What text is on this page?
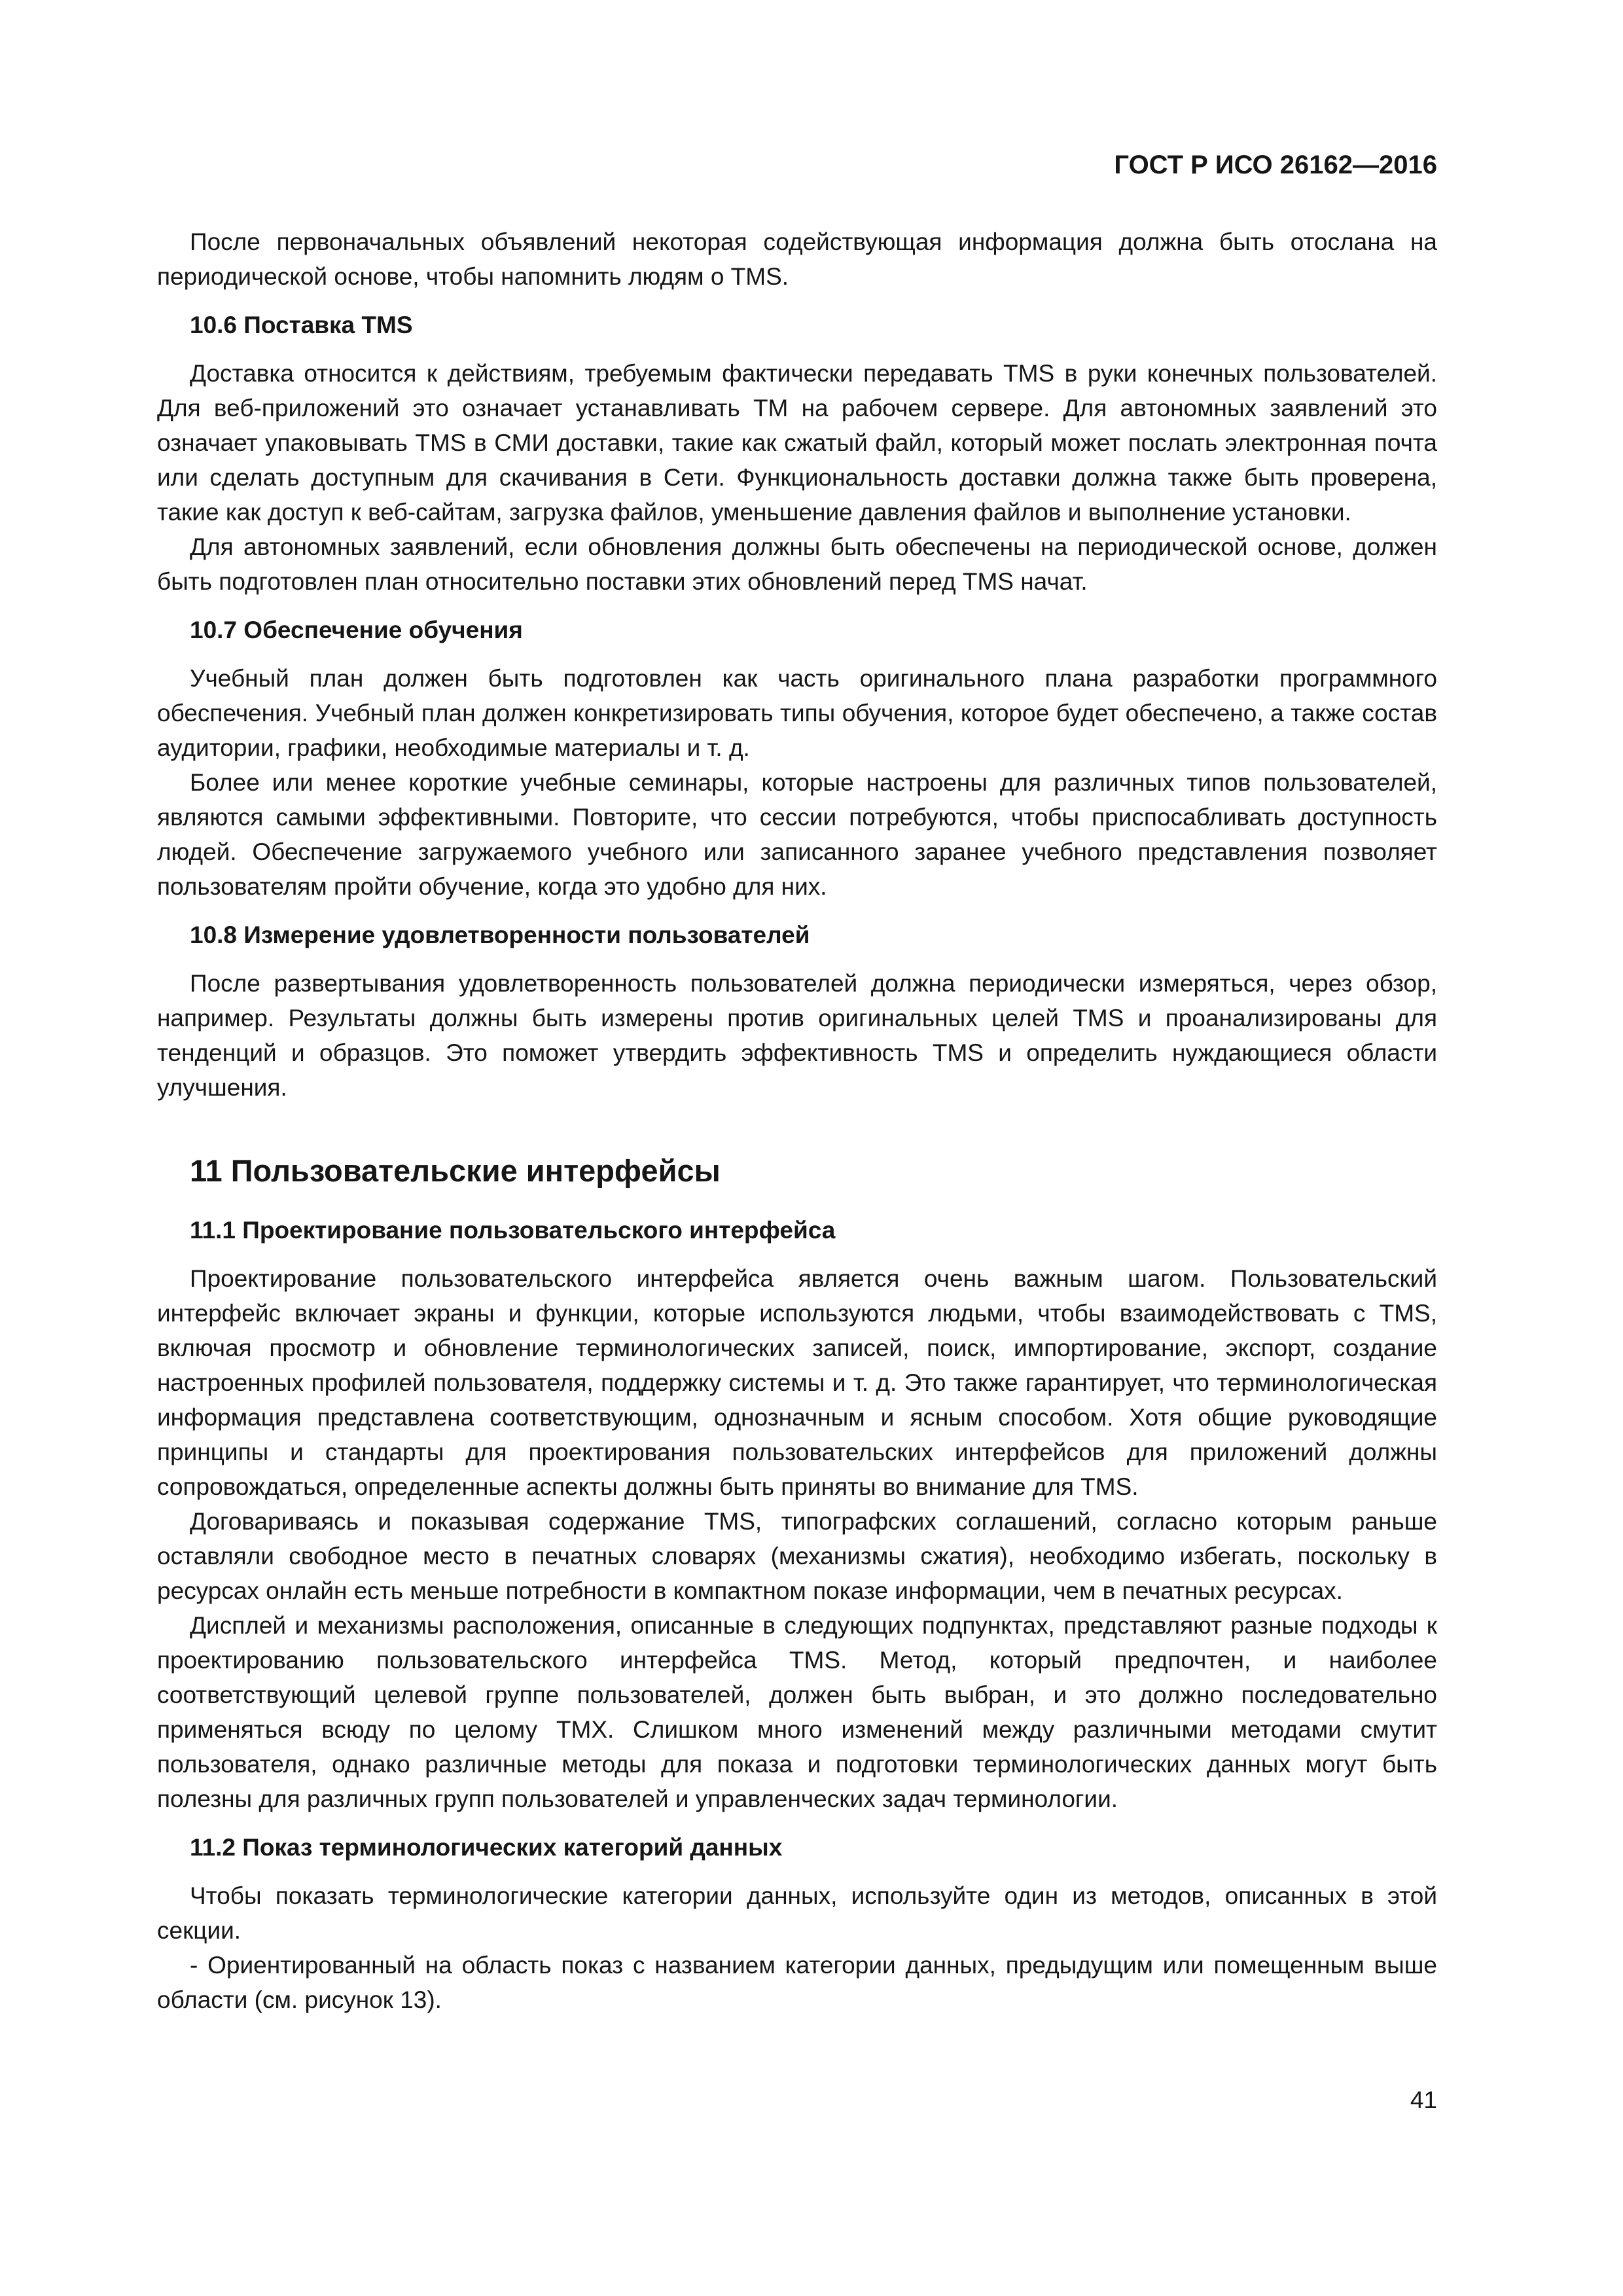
ГОСТ Р ИСО 26162—2016

После первоначальных объявлений некоторая содействующая информация должна быть отослана на периодической основе, чтобы напомнить людям о TMS.

10.6 Поставка TMS

Доставка относится к действиям, требуемым фактически передавать TMS в руки конечных пользователей. Для веб-приложений это означает устанавливать ТМ на рабочем сервере. Для автономных заявлений это означает упаковывать TMS в СМИ доставки, такие как сжатый файл, который может послать электронная почта или сделать доступным для скачивания в Сети. Функциональность доставки должна также быть проверена, такие как доступ к веб-сайтам, загрузка файлов, уменьшение давления файлов и выполнение установки.

Для автономных заявлений, если обновления должны быть обеспечены на периодической основе, должен быть подготовлен план относительно поставки этих обновлений перед TMS начат.

10.7 Обеспечение обучения

Учебный план должен быть подготовлен как часть оригинального плана разработки программного обеспечения. Учебный план должен конкретизировать типы обучения, которое будет обеспечено, а также состав аудитории, графики, необходимые материалы и т. д.

Более или менее короткие учебные семинары, которые настроены для различных типов пользователей, являются самыми эффективными. Повторите, что сессии потребуются, чтобы приспосабливать доступность людей. Обеспечение загружаемого учебного или записанного заранее учебного представления позволяет пользователям пройти обучение, когда это удобно для них.

10.8 Измерение удовлетворенности пользователей

После развертывания удовлетворенность пользователей должна периодически измеряться, через обзор, например. Результаты должны быть измерены против оригинальных целей TMS и проанализированы для тенденций и образцов. Это поможет утвердить эффективность TMS и определить нуждающиеся области улучшения.

11 Пользовательские интерфейсы
11.1 Проектирование пользовательского интерфейса

Проектирование пользовательского интерфейса является очень важным шагом. Пользовательский интерфейс включает экраны и функции, которые используются людьми, чтобы взаимодействовать с TMS, включая просмотр и обновление терминологических записей, поиск, импортирование, экспорт, создание настроенных профилей пользователя, поддержку системы и т. д. Это также гарантирует, что терминологическая информация представлена соответствующим, однозначным и ясным способом. Хотя общие руководящие принципы и стандарты для проектирования пользовательских интерфейсов для приложений должны сопровождаться, определенные аспекты должны быть приняты во внимание для TMS.

Договариваясь и показывая содержание TMS, типографских соглашений, согласно которым раньше оставляли свободное место в печатных словарях (механизмы сжатия), необходимо избегать, поскольку в ресурсах онлайн есть меньше потребности в компактном показе информации, чем в печатных ресурсах.

Дисплей и механизмы расположения, описанные в следующих подпунктах, представляют разные подходы к проектированию пользовательского интерфейса TMS. Метод, который предпочтен, и наиболее соответствующий целевой группе пользователей, должен быть выбран, и это должно последовательно применяться всюду по целому ТМХ. Слишком много изменений между различными методами смутит пользователя, однако различные методы для показа и подготовки терминологических данных могут быть полезны для различных групп пользователей и управленческих задач терминологии.

11.2 Показ терминологических категорий данных

Чтобы показать терминологические категории данных, используйте один из методов, описанных в этой секции.

- Ориентированный на область показ с названием категории данных, предыдущим или помещенным выше области (см. рисунок 13).

41
